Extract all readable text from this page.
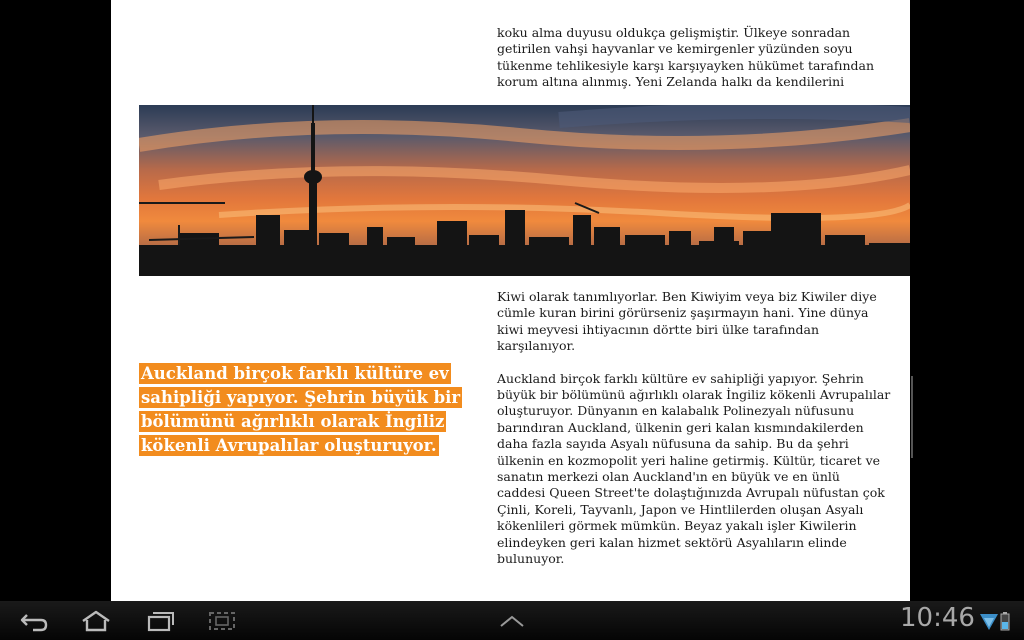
koku alma duyusu oldukça gelişmiştir. Ülkeye sonradan getirilen vahşi hayvanlar ve kemirgenler yüzünden soyu tükenme tehlikesiyle karşı karşıyayken hükümet tarafından korum altına alınmış. Yeni Zelanda halkı da kendilerini

Kiwi olarak tanımlıyorlar. Ben Kiwiyim veya biz Kiwiler diye cümle kuran birini görürseniz şaşırmayın hani. Yine dünya kiwi meyvesi ihtiyacının dörtte biri ülke tarafından karşılanıyor.

Auckland birçok farklı kültüre ev sahipliği yapıyor. Şehrin büyük bir bölümünü ağırlıklı olarak İngiliz kökenli Avrupalılar oluşturuyor. Dünyanın en kalabalık Polinezyalı nüfusunu barındıran Auckland, ülkenin geri kalan kısmındakilerden daha fazla sayıda Asyalı nüfusuna da sahip. Bu da şehri ülkenin en kozmopolit yeri haline getirmiş. Kültür, ticaret ve sanatın merkezi olan Auckland'ın en büyük ve en ünlü caddesi Queen Street'te dolaştığınızda Avrupalı nüfustan çok Çinli, Koreli, Tayvanlı, Japon ve Hintlilerden oluşan Asyalı kökenlileri görmek mümkün. Beyaz yakalı işler Kiwilerin elindeyken geri kalan hizmet sektörü Asyalıların elinde bulunuyor.

Auckland birçok farklı kültüre ev sahipliği yapıyor. Şehrin büyük bir bölümünü ağırlıklı olarak İngiliz kökenli Avrupalılar oluşturuyor.
10:46
